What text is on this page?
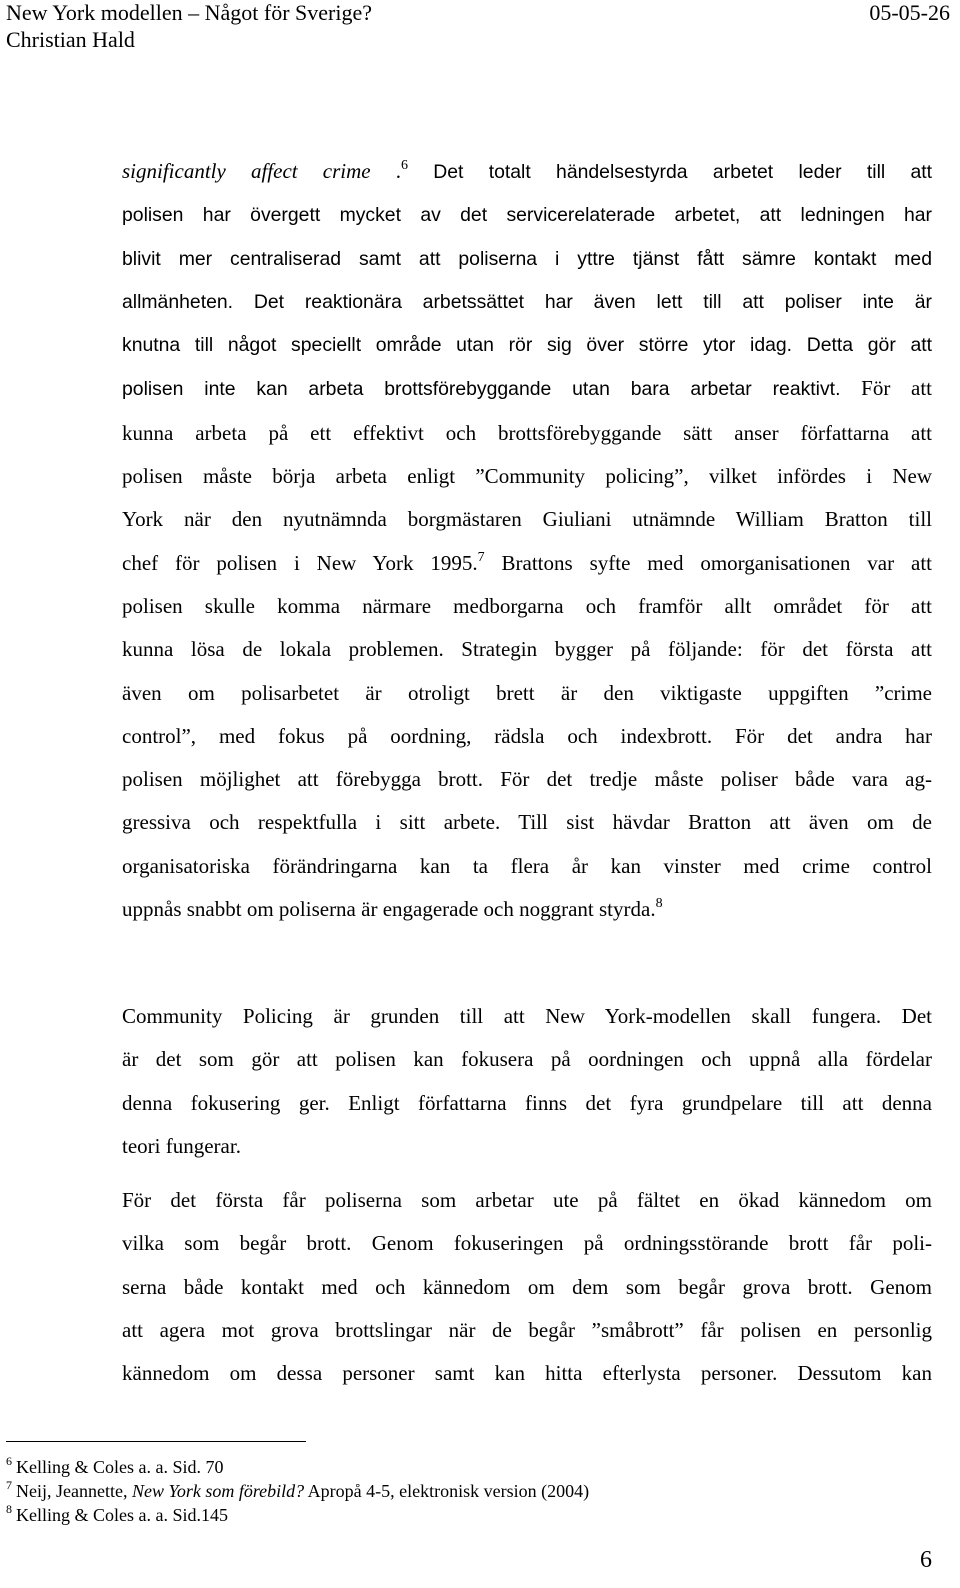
New York modellen – Något för Sverige?	05-05-26
Christian Hald
significantly affect crime .$^6$ Det totalt händelsestyrda arbetet leder till att
polisen har övergett mycket av det servicerelaterade arbetet, att ledningen har
blivit mer centraliserad samt att poliserna i yttre tjänst fått sämre kontakt med
allmänheten. Det reaktionära arbetssättet har även lett till att poliser inte är
knutna till något speciellt område utan rör sig över större ytor idag. Detta gör att
polisen inte kan arbeta brottsförebyggande utan bara arbetar reaktivt. För att
kunna arbeta på ett effektivt och brottsförebyggande sätt anser författarna att
polisen måste börja arbeta enligt ”Community policing”, vilket infördes i New
York när den nyutnämnda borgmästaren Giuliani utnämnde William Bratton till
chef för polisen i New York 1995.$^7$ Brattons syfte med omorganisationen var att
polisen skulle komma närmare medborgarna och framför allt området för att
kunna lösa de lokala problemen. Strategin bygger på följande: för det första att
även om polisarbetet är otroligt brett är den viktigaste uppgiften ”crime
control”, med fokus på oordning, rädsla och indexbrott. För det andra har
polisen möjlighet att förebygga brott. För det tredje måste poliser både vara ag-
gressiva och respektfulla i sitt arbete. Till sist hävdar Bratton att även om de
organisatoriska förändringarna kan ta flera år kan vinster med crime control
uppnås snabbt om poliserna är engagerade och noggrant styrda.$^8$
Community Policing är grunden till att New York-modellen skall fungera. Det
är det som gör att polisen kan fokusera på oordningen och uppnå alla fördelar
denna fokusering ger. Enligt författarna finns det fyra grundpelare till att denna
teori fungerar.
För det första får poliserna som arbetar ute på fältet en ökad kännedom om
vilka som begår brott. Genom fokuseringen på ordningsstörande brott får poli-
serna både kontakt med och kännedom om dem som begår grova brott. Genom
att agera mot grova brottslingar när de begår ”småbrott” får polisen en personlig
kännedom om dessa personer samt kan hitta efterlysta personer. Dessutom kan
$^6$ Kelling & Coles a. a. Sid. 70
$^7$ Neij, Jeannette, New York som förebild? Apropå 4-5, elektronisk version (2004)
$^8$ Kelling & Coles a. a. Sid.145
6
